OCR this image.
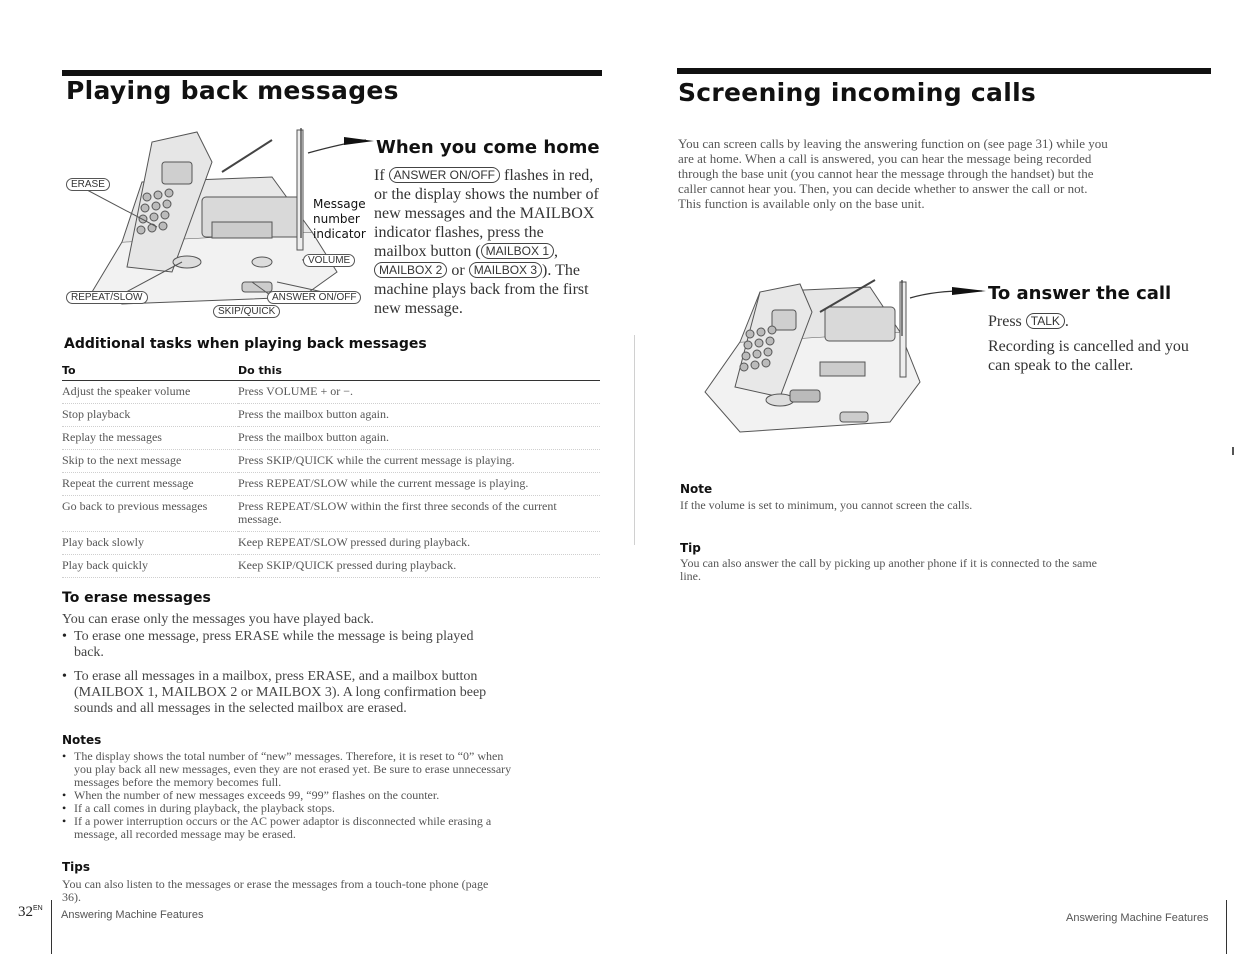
Playing back messages
ERASE
VOLUME
REPEAT/SLOW	ANSWER ON/OFF
SKIP/QUICK
Message number indicator
When you come home
If ANSWER ON/OFF flashes in red, or the display shows the number of new messages and the MAILBOX indicator flashes, press the mailbox button ( MAILBOX 1 , MAILBOX 2 or MAILBOX 3 ). The machine plays back from the first new message.
Additional tasks when playing back messages
To	Do this
Adjust the speaker volume	Press VOLUME + or −.
Stop playback	Press the mailbox button again.
Replay the messages	Press the mailbox button again.
Skip to the next message	Press SKIP/QUICK while the current message is playing.
Repeat the current message	Press REPEAT/SLOW while the current message is playing.
Go back to previous messages	Press REPEAT/SLOW within the first three seconds of the current message.
Play back slowly	Keep REPEAT/SLOW pressed during playback.
Play back quickly	Keep SKIP/QUICK pressed during playback.
To erase messages
You can erase only the messages you have played back.
• To erase one message, press ERASE while the message is being played back.
• To erase all messages in a mailbox, press ERASE, and a mailbox button (MAILBOX 1, MAILBOX 2 or MAILBOX 3). A long confirmation beep sounds and all messages in the selected mailbox are erased.
Notes
• The display shows the total number of “new” messages. Therefore, it is reset to “0” when you play back all new messages, even they are not erased yet. Be sure to erase unnecessary messages before the memory becomes full.
• When the number of new messages exceeds 99, “99” flashes on the counter.
• If a call comes in during playback, the playback stops.
• If a power interruption occurs or the AC power adaptor is disconnected while erasing a message, all recorded message may be erased.
Tips
You can also listen to the messages or erase the messages from a touch-tone phone (page 36).
$32^{EN}$
Answering Machine Features
Screening incoming calls
You can screen calls by leaving the answering function on (see page 31) while you are at home. When a call is answered, you can hear the message being recorded through the base unit (you cannot hear the message through the handset) but the caller cannot hear you. Then, you can decide whether to answer the call or not. This function is available only on the base unit.
To answer the call
Press TALK .
Recording is cancelled and you can speak to the caller.
Note
If the volume is set to minimum, you cannot screen the calls.
Tip
You can also answer the call by picking up another phone if it is connected to the same line.
Answering Machine Features
